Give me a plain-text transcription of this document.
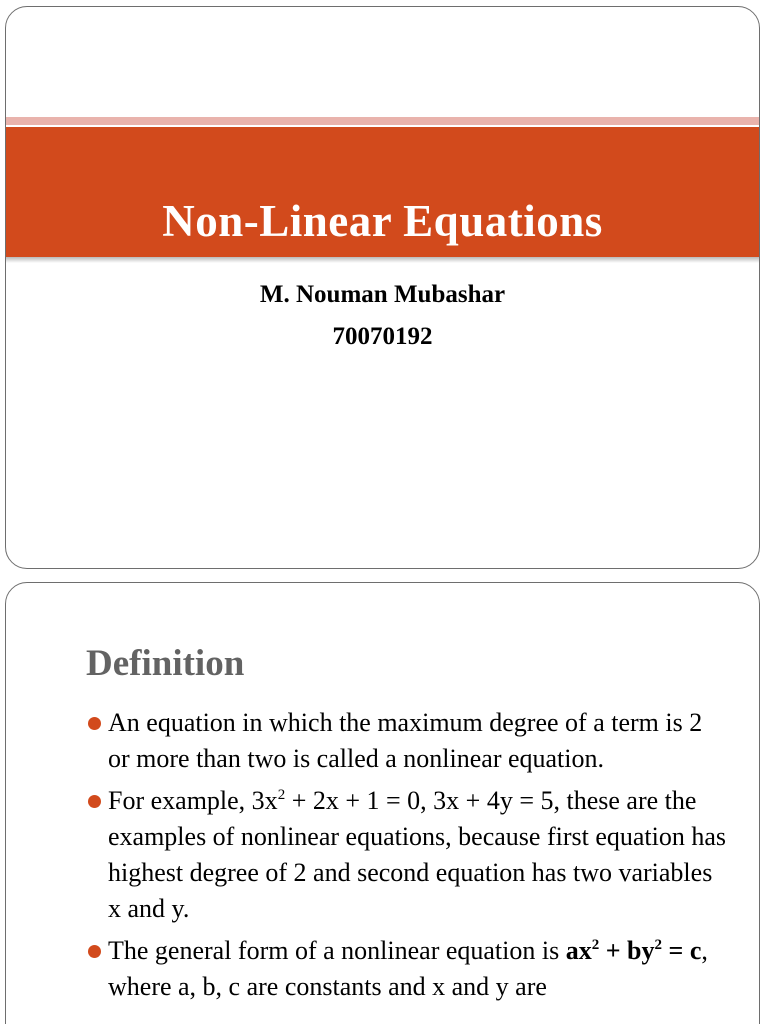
Non-Linear Equations

M. Nouman Mubashar

70070192

Definition
An equation in which the maximum degree of a term is 2 or more than two is called a nonlinear equation.
For example, $3x^2 + 2x + 1 = 0$, 3x + 4y = 5, these are the examples of nonlinear equations, because first equation has highest degree of 2 and second equation has two variables x and y.
The general form of a nonlinear equation is $ax^2 + by^2 = c$, where a, b, c are constants and x and y are
